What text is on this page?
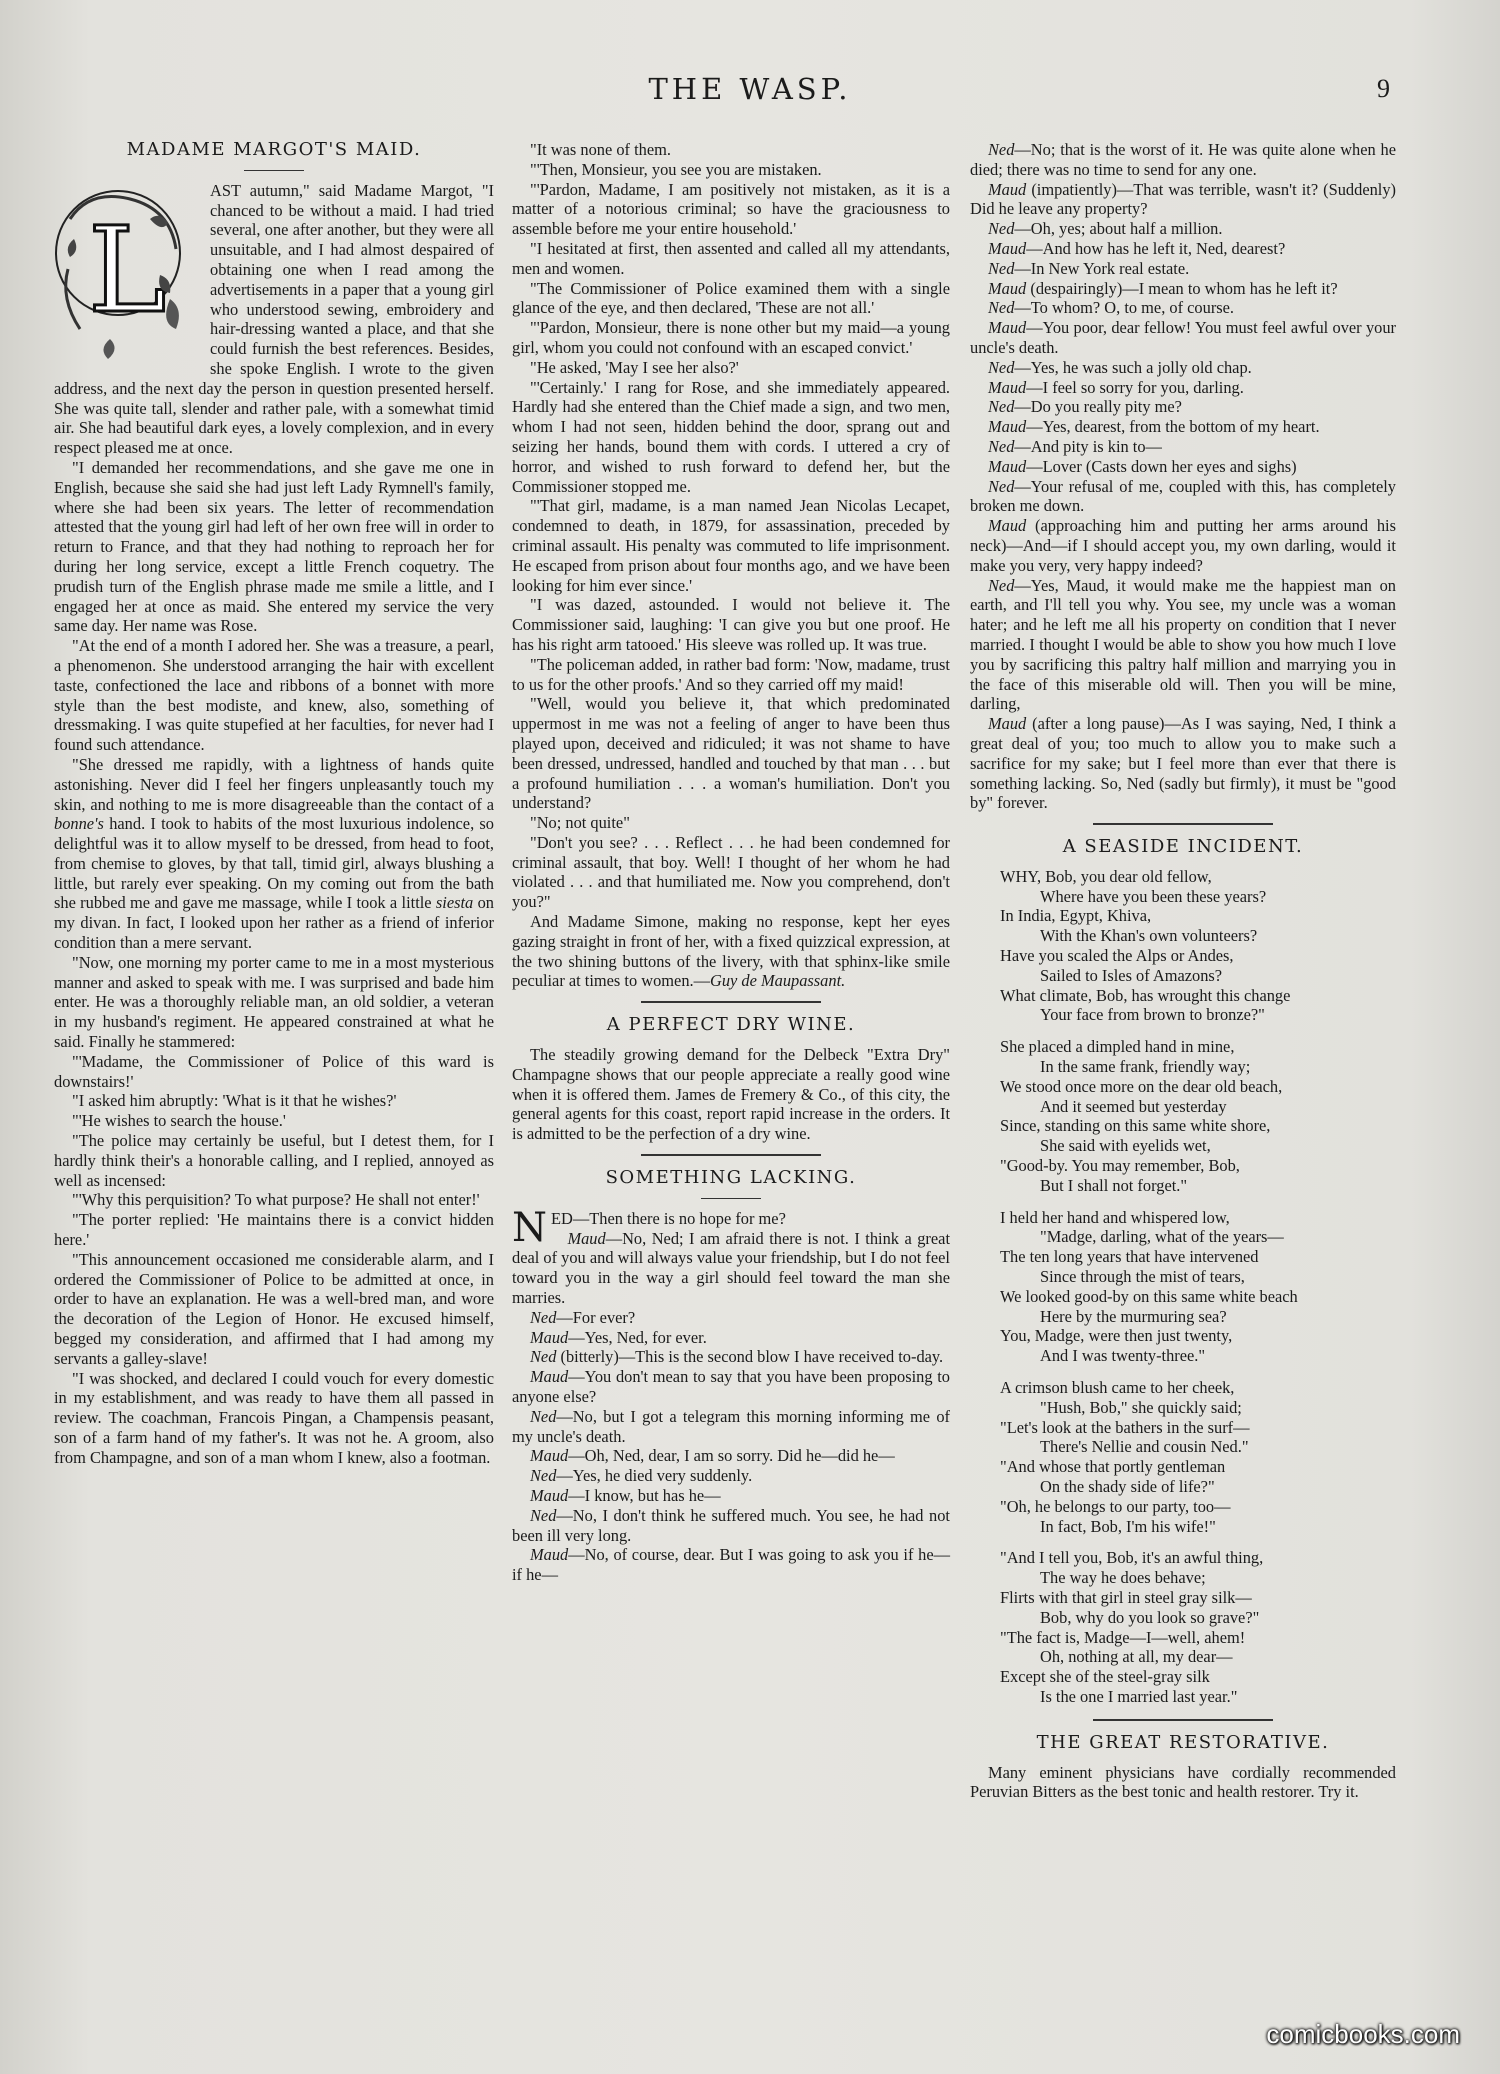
THE WASP.	9
MADAME MARGOT'S MAID.
L

AST autumn," said Madame Margot, "I chanced to be without a maid. I had tried several, one after another, but they were all unsuitable, and I had almost despaired of obtaining one when I read among the advertisements in a paper that a young girl who understood sewing, embroidery and hair-dressing wanted a place, and that she could furnish the best references. Besides, she spoke English. I wrote to the given address, and the next day the person in question presented herself. She was quite tall, slender and rather pale, with a somewhat timid air. She had beautiful dark eyes, a lovely complexion, and in every respect pleased me at once.

"I demanded her recommendations, and she gave me one in English, because she said she had just left Lady Rymnell's family, where she had been six years. The letter of recommendation attested that the young girl had left of her own free will in order to return to France, and that they had nothing to reproach her for during her long service, except a little French coquetry. The prudish turn of the English phrase made me smile a little, and I engaged her at once as maid. She entered my service the very same day. Her name was Rose.

"At the end of a month I adored her. She was a treasure, a pearl, a phenomenon. She understood arranging the hair with excellent taste, confectioned the lace and ribbons of a bonnet with more style than the best modiste, and knew, also, something of dressmaking. I was quite stupefied at her faculties, for never had I found such attendance.

"She dressed me rapidly, with a lightness of hands quite astonishing. Never did I feel her fingers unpleasantly touch my skin, and nothing to me is more disagreeable than the contact of a bonne's hand. I took to habits of the most luxurious indolence, so delightful was it to allow myself to be dressed, from head to foot, from chemise to gloves, by that tall, timid girl, always blushing a little, but rarely ever speaking. On my coming out from the bath she rubbed me and gave me massage, while I took a little siesta on my divan. In fact, I looked upon her rather as a friend of inferior condition than a mere servant.

"Now, one morning my porter came to me in a most mysterious manner and asked to speak with me. I was surprised and bade him enter. He was a thoroughly reliable man, an old soldier, a veteran in my husband's regiment. He appeared constrained at what he said. Finally he stammered:

"'Madame, the Commissioner of Police of this ward is downstairs!'

"I asked him abruptly: 'What is it that he wishes?'

"'He wishes to search the house.'

"The police may certainly be useful, but I detest them, for I hardly think their's a honorable calling, and I replied, annoyed as well as incensed:

"'Why this perquisition? To what purpose? He shall not enter!'

"The porter replied: 'He maintains there is a convict hidden here.'

"This announcement occasioned me considerable alarm, and I ordered the Commissioner of Police to be admitted at once, in order to have an explanation. He was a well-bred man, and wore the decoration of the Legion of Honor. He excused himself, begged my consideration, and affirmed that I had among my servants a galley-slave!

"I was shocked, and declared I could vouch for every domestic in my establishment, and was ready to have them all passed in review. The coachman, Francois Pingan, a Champensis peasant, son of a farm hand of my father's. It was not he. A groom, also from Champagne, and son of a man whom I knew, also a footman.

"It was none of them.

"'Then, Monsieur, you see you are mistaken.

"'Pardon, Madame, I am positively not mistaken, as it is a matter of a notorious criminal; so have the graciousness to assemble before me your entire household.'

"I hesitated at first, then assented and called all my attendants, men and women.

"The Commissioner of Police examined them with a single glance of the eye, and then declared, 'These are not all.'

"'Pardon, Monsieur, there is none other but my maid—a young girl, whom you could not confound with an escaped convict.'

"He asked, 'May I see her also?'

"'Certainly.' I rang for Rose, and she immediately appeared. Hardly had she entered than the Chief made a sign, and two men, whom I had not seen, hidden behind the door, sprang out and seizing her hands, bound them with cords. I uttered a cry of horror, and wished to rush forward to defend her, but the Commissioner stopped me.

"'That girl, madame, is a man named Jean Nicolas Lecapet, condemned to death, in 1879, for assassination, preceded by criminal assault. His penalty was commuted to life imprisonment. He escaped from prison about four months ago, and we have been looking for him ever since.'

"I was dazed, astounded. I would not believe it. The Commissioner said, laughing: 'I can give you but one proof. He has his right arm tatooed.' His sleeve was rolled up. It was true.

"The policeman added, in rather bad form: 'Now, madame, trust to us for the other proofs.' And so they carried off my maid!

"Well, would you believe it, that which predominated uppermost in me was not a feeling of anger to have been thus played upon, deceived and ridiculed; it was not shame to have been dressed, undressed, handled and touched by that man . . . but a profound humiliation . . . a woman's humiliation. Don't you understand?

"No; not quite"

"Don't you see? . . . Reflect . . . he had been condemned for criminal assault, that boy. Well! I thought of her whom he had violated . . . and that humiliated me. Now you comprehend, don't you?"

And Madame Simone, making no response, kept her eyes gazing straight in front of her, with a fixed quizzical expression, at the two shining buttons of the livery, with that sphinx-like smile peculiar at times to women.—Guy de Maupassant.

A PERFECT DRY WINE.

The steadily growing demand for the Delbeck "Extra Dry" Champagne shows that our people appreciate a really good wine when it is offered them. James de Fremery & Co., of this city, the general agents for this coast, report rapid increase in the orders. It is admitted to be the perfection of a dry wine.

SOMETHING LACKING.

NED—Then there is no hope for me?
Maud—No, Ned; I am afraid there is not. I think a great deal of you and will always value your friendship, but I do not feel toward you in the way a girl should feel toward the man she marries.

Ned—For ever?

Maud—Yes, Ned, for ever.

Ned (bitterly)—This is the second blow I have received to-day.

Maud—You don't mean to say that you have been proposing to anyone else?

Ned—No, but I got a telegram this morning informing me of my uncle's death.

Maud—Oh, Ned, dear, I am so sorry. Did he—did he—

Ned—Yes, he died very suddenly.

Maud—I know, but has he—

Ned—No, I don't think he suffered much. You see, he had not been ill very long.

Maud—No, of course, dear. But I was going to ask you if he—if he—

Ned—No; that is the worst of it. He was quite alone when he died; there was no time to send for any one.

Maud (impatiently)—That was terrible, wasn't it? (Suddenly) Did he leave any property?

Ned—Oh, yes; about half a million.

Maud—And how has he left it, Ned, dearest?

Ned—In New York real estate.

Maud (despairingly)—I mean to whom has he left it?

Ned—To whom? O, to me, of course.

Maud—You poor, dear fellow! You must feel awful over your uncle's death.

Ned—Yes, he was such a jolly old chap.

Maud—I feel so sorry for you, darling.

Ned—Do you really pity me?

Maud—Yes, dearest, from the bottom of my heart.

Ned—And pity is kin to—

Maud—Lover (Casts down her eyes and sighs)

Ned—Your refusal of me, coupled with this, has completely broken me down.

Maud (approaching him and putting her arms around his neck)—And—if I should accept you, my own darling, would it make you very, very happy indeed?

Ned—Yes, Maud, it would make me the happiest man on earth, and I'll tell you why. You see, my uncle was a woman hater; and he left me all his property on condition that I never married. I thought I would be able to show you how much I love you by sacrificing this paltry half million and marrying you in the face of this miserable old will. Then you will be mine, darling,

Maud (after a long pause)—As I was saying, Ned, I think a great deal of you; too much to allow you to make such a sacrifice for my sake; but I feel more than ever that there is something lacking. So, Ned (sadly but firmly), it must be "good by" forever.

A SEASIDE INCIDENT.
WHY, Bob, you dear old fellow,
Where have you been these years?
In India, Egypt, Khiva,
With the Khan's own volunteers?
Have you scaled the Alps or Andes,
Sailed to Isles of Amazons?
What climate, Bob, has wrought this change
Your face from brown to bronze?"
She placed a dimpled hand in mine,
In the same frank, friendly way;
We stood once more on the dear old beach,
And it seemed but yesterday
Since, standing on this same white shore,
She said with eyelids wet,
"Good-by. You may remember, Bob,
But I shall not forget."
I held her hand and whispered low,
"Madge, darling, what of the years—
The ten long years that have intervened
Since through the mist of tears,
We looked good-by on this same white beach
Here by the murmuring sea?
You, Madge, were then just twenty,
And I was twenty-three."
A crimson blush came to her cheek,
"Hush, Bob," she quickly said;
"Let's look at the bathers in the surf—
There's Nellie and cousin Ned."
"And whose that portly gentleman
On the shady side of life?"
"Oh, he belongs to our party, too—
In fact, Bob, I'm his wife!"
"And I tell you, Bob, it's an awful thing,
The way he does behave;
Flirts with that girl in steel gray silk—
Bob, why do you look so grave?"
"The fact is, Madge—I—well, ahem!
Oh, nothing at all, my dear—
Except she of the steel-gray silk
Is the one I married last year."
THE GREAT RESTORATIVE.

Many eminent physicians have cordially recommended Peruvian Bitters as the best tonic and health restorer. Try it.

comicbooks.com
